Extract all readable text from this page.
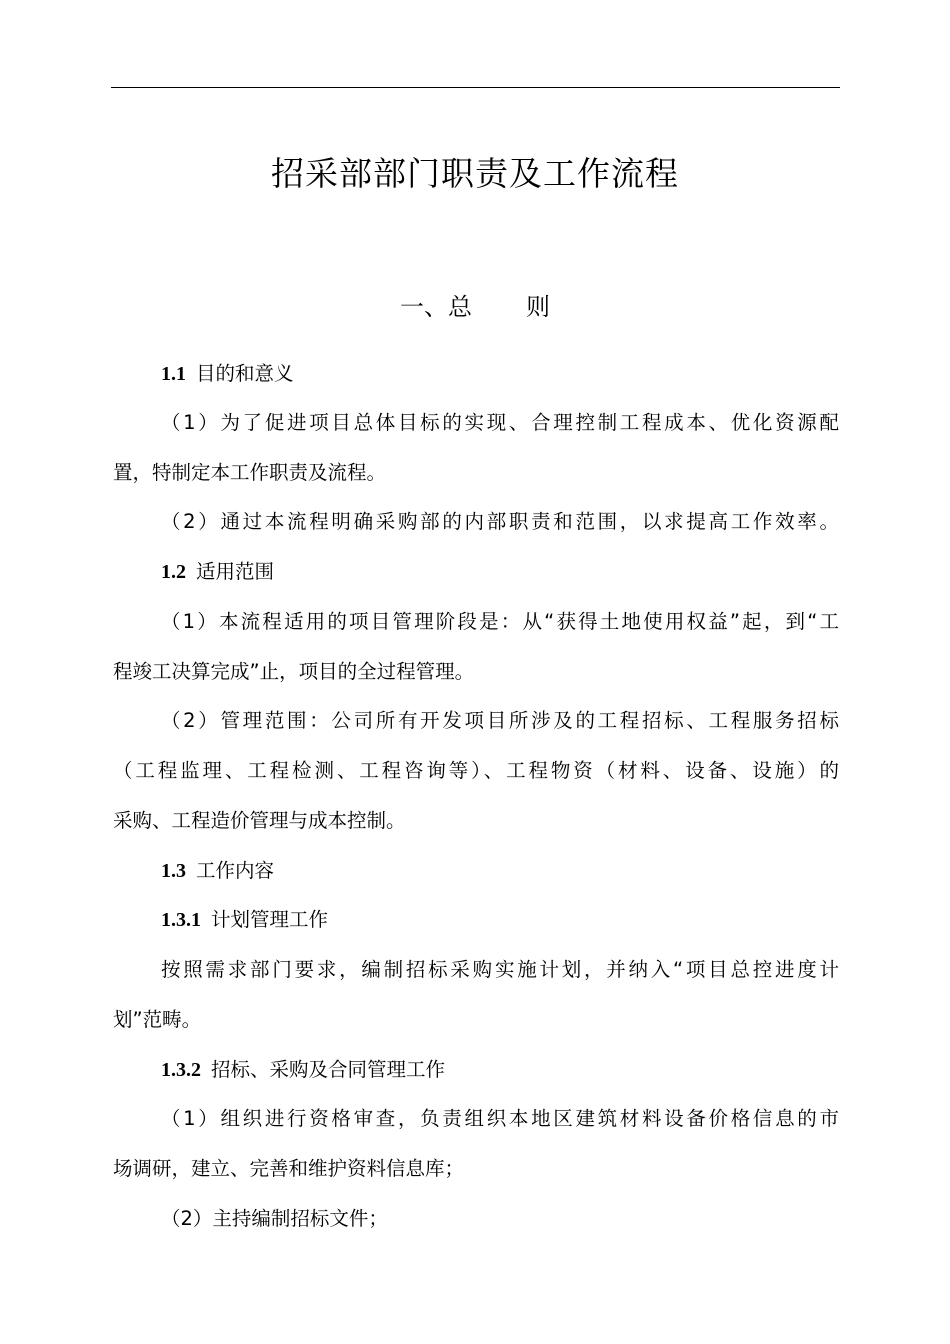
招采部部门职责及工作流程
一、总 则
1.1 目的和意义
（1）为了促进项目总体目标的实现、合理控制工程成本、优化资源配
置，特制定本工作职责及流程。
（2）通过本流程明确采购部的内部职责和范围，以求提高工作效率。
1.2 适用范围
（1）本流程适用的项目管理阶段是：从“获得土地使用权益”起，到“工
程竣工决算完成”止，项目的全过程管理。
（2）管理范围：公司所有开发项目所涉及的工程招标、工程服务招标
（工程监理、工程检测、工程咨询等）、工程物资（材料、设备、设施）的
采购、工程造价管理与成本控制。
1.3 工作内容
1.3.1 计划管理工作
按照需求部门要求，编制招标采购实施计划，并纳入“项目总控进度计
划”范畴。
1.3.2 招标、采购及合同管理工作
（1）组织进行资格审查，负责组织本地区建筑材料设备价格信息的市
场调研，建立、完善和维护资料信息库；
（2）主持编制招标文件；
